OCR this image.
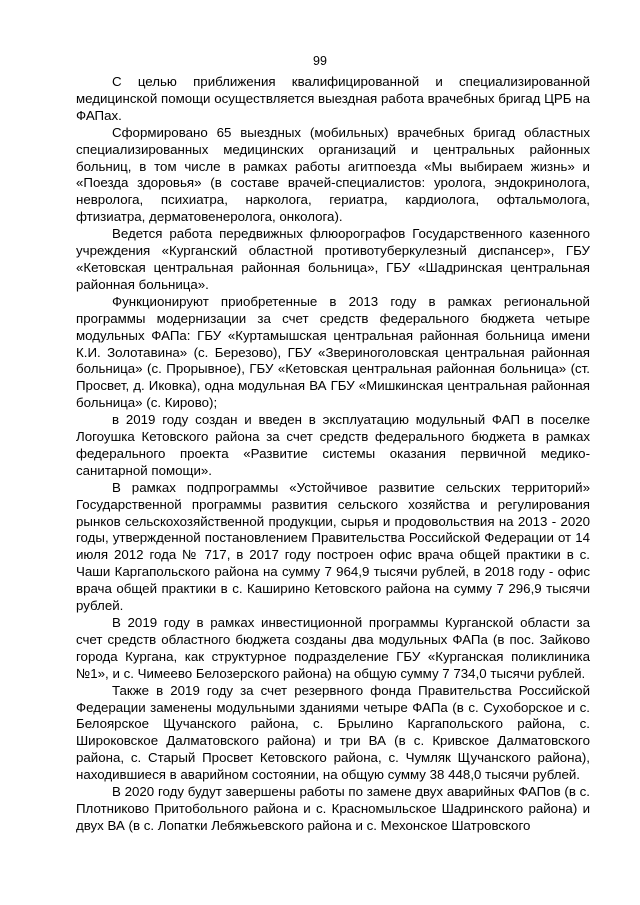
99

С целью приближения квалифицированной и специализированной медицинской помощи осуществляется выездная работа врачебных бригад ЦРБ на ФАПах.

Сформировано 65 выездных (мобильных) врачебных бригад областных специализированных медицинских организаций и центральных районных больниц, в том числе в рамках работы агитпоезда «Мы выбираем жизнь» и «Поезда здоровья» (в составе врачей-специалистов: уролога, эндокринолога, невролога, психиатра, нарколога, гериатра, кардиолога, офтальмолога, фтизиатра, дерматовенеролога, онколога).

Ведется работа передвижных флюорографов Государственного казенного учреждения «Курганский областной противотуберкулезный диспансер», ГБУ «Кетовская центральная районная больница», ГБУ «Шадринская центральная районная больница».

Функционируют приобретенные в 2013 году в рамках региональной программы модернизации за счет средств федерального бюджета четыре модульных ФАПа: ГБУ «Куртамышская центральная районная больница имени К.И. Золотавина» (с. Березово), ГБУ «Звериноголовская центральная районная больница» (с. Прорывное), ГБУ «Кетовская центральная районная больница» (ст. Просвет, д. Иковка), одна модульная ВА ГБУ «Мишкинская центральная районная больница» (с. Кирово);

в 2019 году создан и введен в эксплуатацию модульный ФАП в поселке Логоушка Кетовского района за счет средств федерального бюджета в рамках федерального проекта «Развитие системы оказания первичной медико-санитарной помощи».

В рамках подпрограммы «Устойчивое развитие сельских территорий» Государственной программы развития сельского хозяйства и регулирования рынков сельскохозяйственной продукции, сырья и продовольствия на 2013 - 2020 годы, утвержденной постановлением Правительства Российской Федерации от 14 июля 2012 года № 717, в 2017 году построен офис врача общей практики в с. Чаши Каргапольского района на сумму 7 964,9 тысячи рублей, в 2018 году - офис врача общей практики в с. Каширино Кетовского района на сумму 7 296,9 тысячи рублей.

В 2019 году в рамках инвестиционной программы Курганской области за счет средств областного бюджета созданы два модульных ФАПа (в пос. Зайково города Кургана, как структурное подразделение ГБУ «Курганская поликлиника №1», и с. Чимеево Белозерского района) на общую сумму 7 734,0 тысячи рублей.

Также в 2019 году за счет резервного фонда Правительства Российской Федерации заменены модульными зданиями четыре ФАПа (в с. Сухоборское и с. Белоярское Щучанского района, с. Брылино Каргапольского района, с. Широковское Далматовского района) и три ВА (в с. Кривское Далматовского района, с. Старый Просвет Кетовского района, с. Чумляк Щучанского района), находившиеся в аварийном состоянии, на общую сумму 38 448,0 тысячи рублей.

В 2020 году будут завершены работы по замене двух аварийных ФАПов (в с. Плотниково Притобольного района и с. Красномыльское Шадринского района) и двух ВА (в с. Лопатки Лебяжьевского района и с. Мехонское Шатровского
